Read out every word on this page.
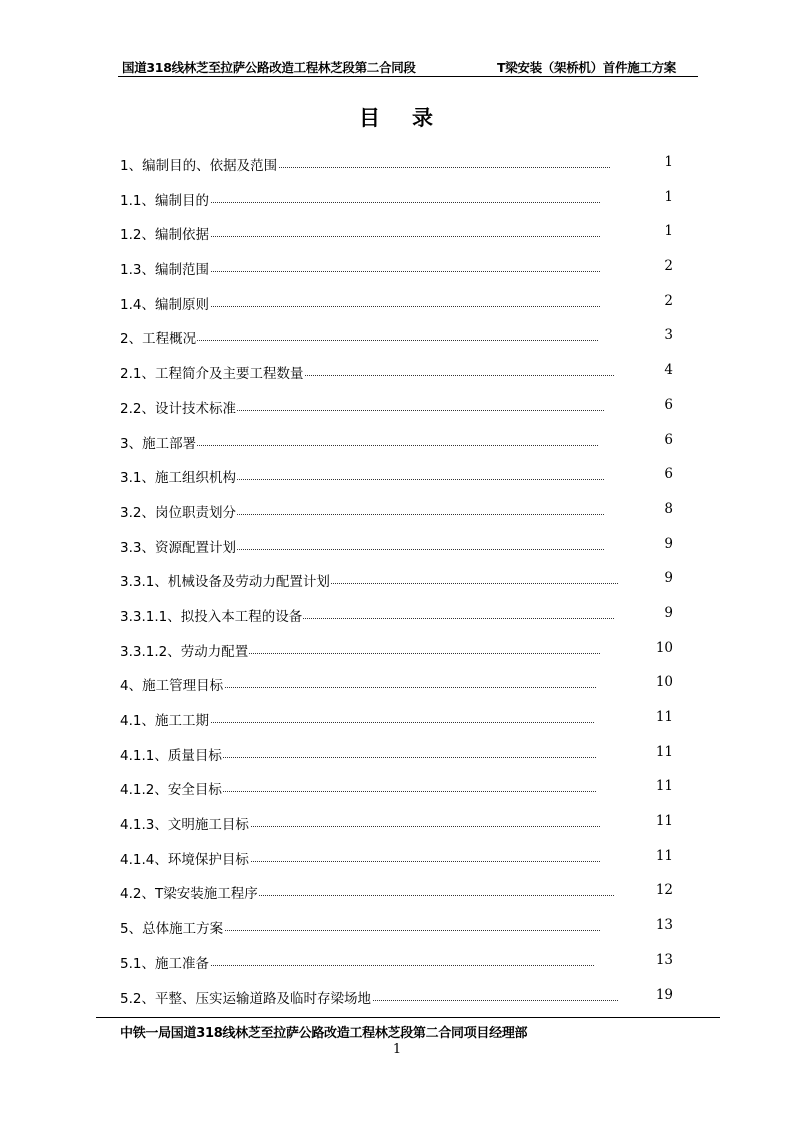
国道318线林芝至拉萨公路改造工程林芝段第二合同段	T梁安装（架桥机）首件施工方案
目录
1、编制目的、依据及范围	1
1.1、编制目的	1
1.2、编制依据	1
1.3、编制范围	2
1.4、编制原则	2
2、工程概况	3
2.1、工程简介及主要工程数量	4
2.2、设计技术标准	6
3、施工部署	6
3.1、施工组织机构	6
3.2、岗位职责划分	8
3.3、资源配置计划	9
3.3.1、机械设备及劳动力配置计划	9
3.3.1.1、拟投入本工程的设备	9
3.3.1.2、劳动力配置	10
4、施工管理目标	10
4.1、施工工期	11
4.1.1、质量目标	11
4.1.2、安全目标	11
4.1.3、文明施工目标	11
4.1.4、环境保护目标	11
4.2、T梁安装施工程序	12
5、总体施工方案	13
5.1、施工准备	13
5.2、平整、压实运输道路及临时存梁场地	19
中铁一局国道318线林芝至拉萨公路改造工程林芝段第二合同项目经理部
1
